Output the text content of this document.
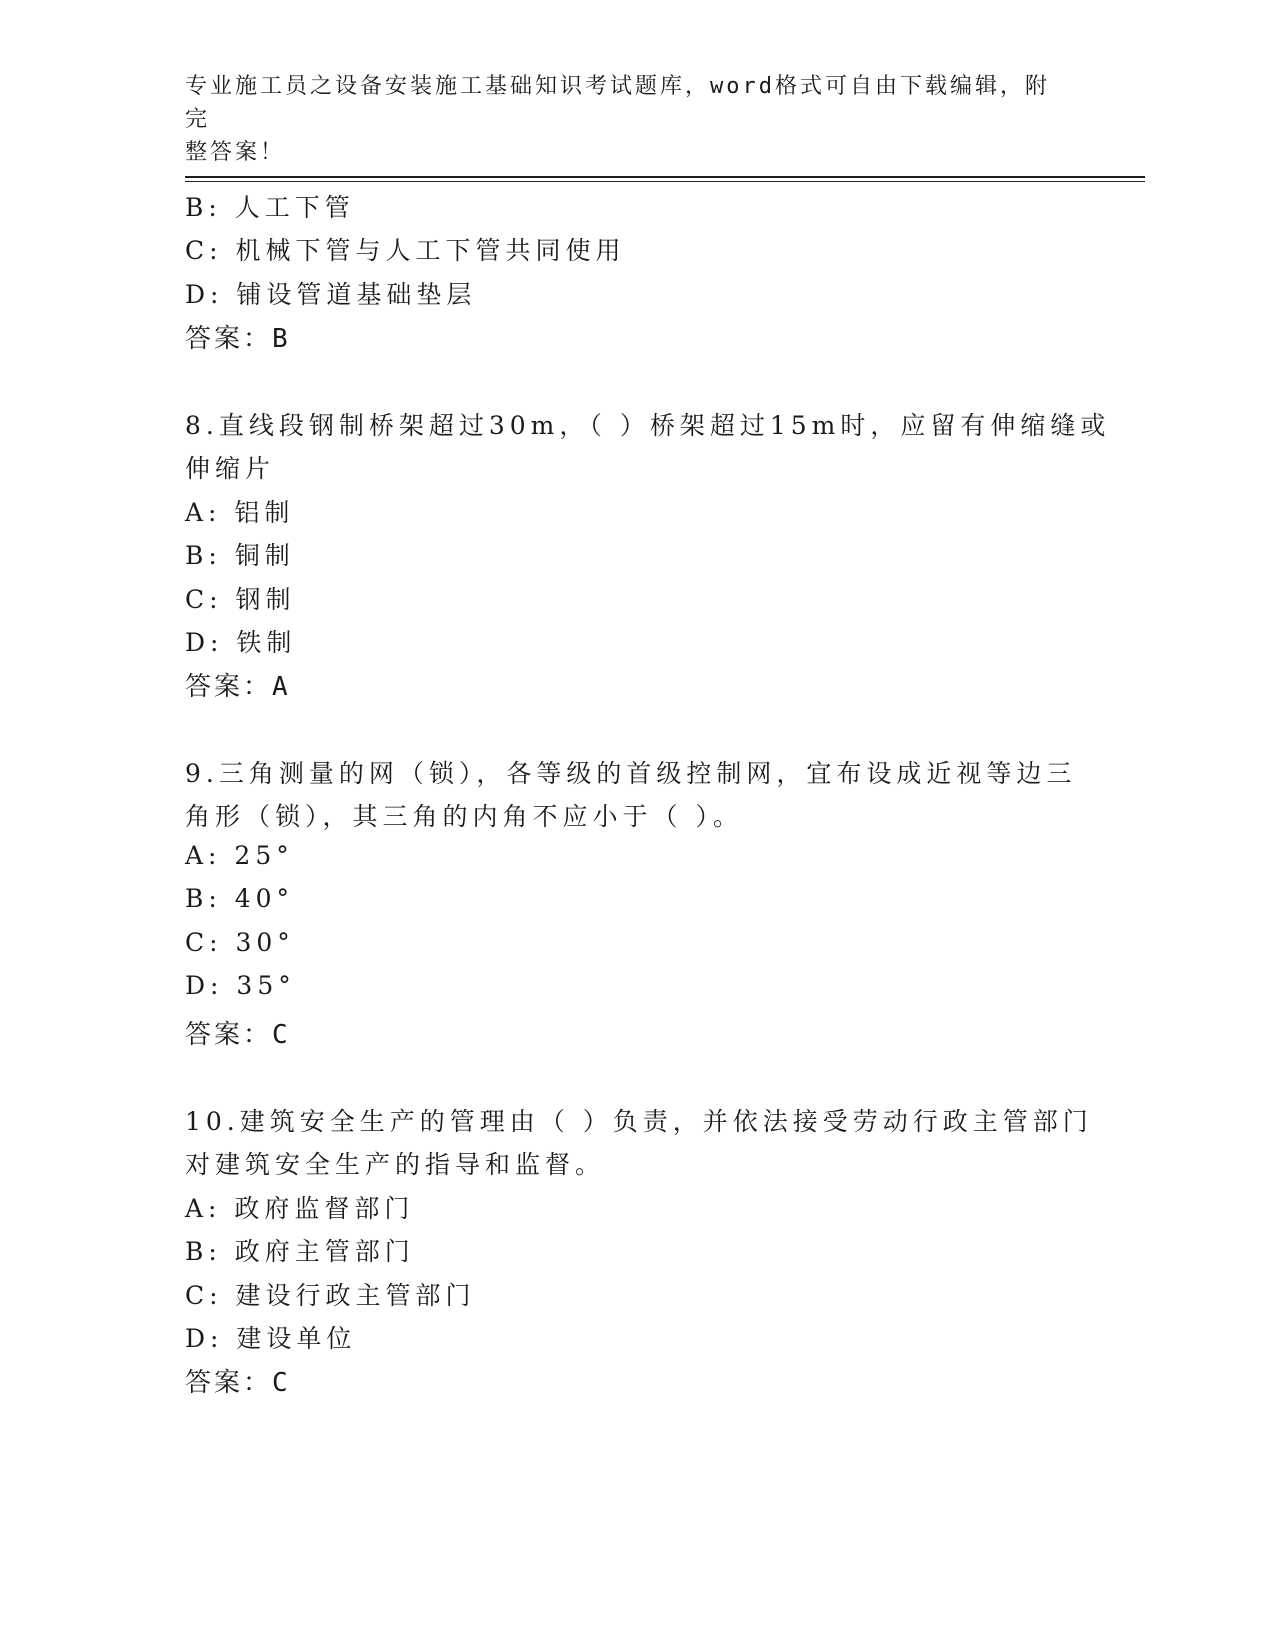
专业施工员之设备安装施工基础知识考试题库，word格式可自由下载编辑，附完
整答案！
B: 人工下管
C: 机械下管与人工下管共同使用
D: 铺设管道基础垫层
答案：B
8.直线段钢制桥架超过30m，（ ）桥架超过15m时，应留有伸缩缝或
伸缩片
A: 铝制
B: 铜制
C: 钢制
D: 铁制
答案：A
9.三角测量的网（锁），各等级的首级控制网，宜布设成近视等边三
角形（锁），其三角的内角不应小于（ ）。
A: 25°
B: 40°
C: 30°
D: 35°
答案：C
10.建筑安全生产的管理由（ ）负责，并依法接受劳动行政主管部门
对建筑安全生产的指导和监督。
A: 政府监督部门
B: 政府主管部门
C: 建设行政主管部门
D: 建设单位
答案：C
